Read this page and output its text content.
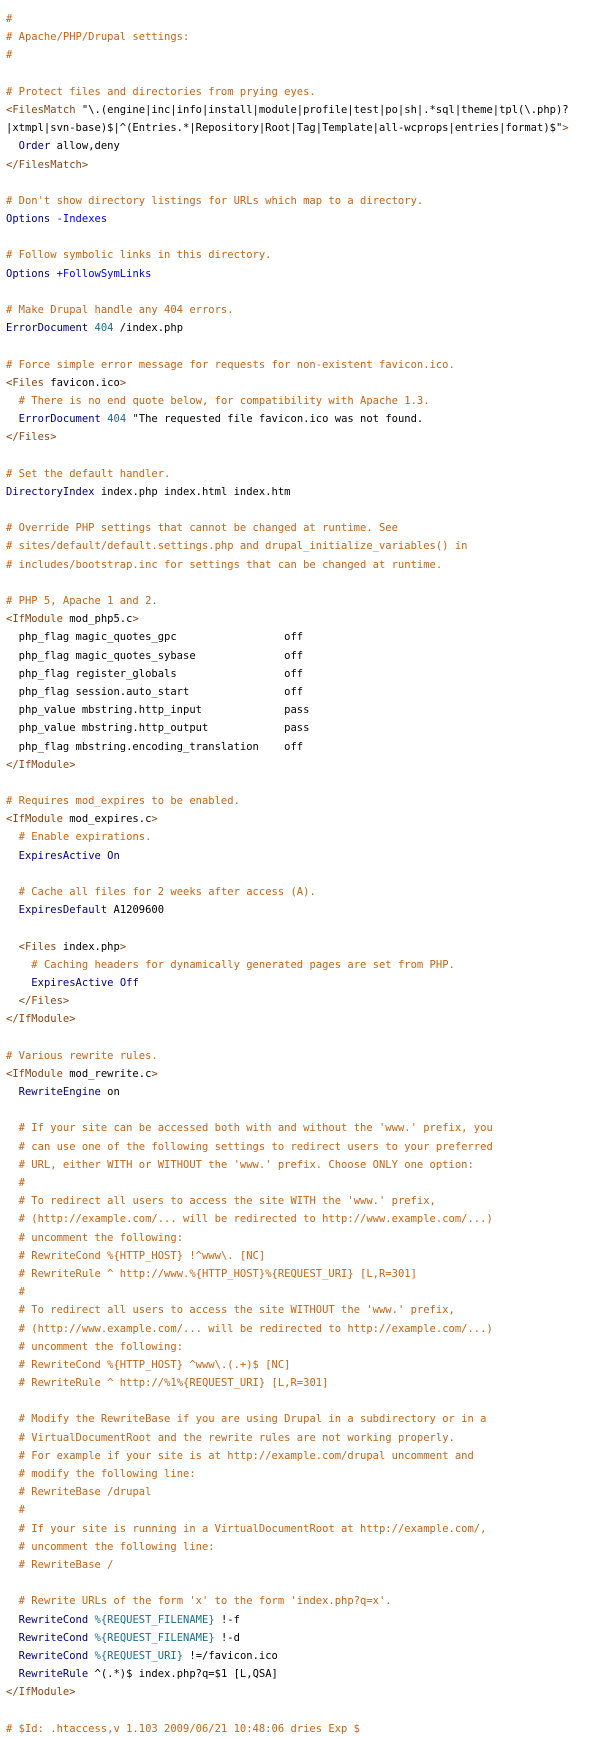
#
# Apache/PHP/Drupal settings:
#

# Protect files and directories from prying eyes.
<FilesMatch "\.(engine|inc|info|install|module|profile|test|po|sh|.*sql|theme|tpl(\.php)?
|xtmpl|svn-base)$|^(Entries.*|Repository|Root|Tag|Template|all-wcprops|entries|format)$">
Order allow,deny
</FilesMatch>

# Don't show directory listings for URLs which map to a directory.
Options -Indexes

# Follow symbolic links in this directory.
Options +FollowSymLinks

# Make Drupal handle any 404 errors.
ErrorDocument 404 /index.php

# Force simple error message for requests for non-existent favicon.ico.
<Files favicon.ico>
# There is no end quote below, for compatibility with Apache 1.3.
ErrorDocument 404 "The requested file favicon.ico was not found.
</Files>

# Set the default handler.
DirectoryIndex index.php index.html index.htm

# Override PHP settings that cannot be changed at runtime. See
# sites/default/default.settings.php and drupal_initialize_variables() in
# includes/bootstrap.inc for settings that can be changed at runtime.

# PHP 5, Apache 1 and 2.
<IfModule mod_php5.c>
php_flag magic_quotes_gpc                 off
php_flag magic_quotes_sybase              off
php_flag register_globals                 off
php_flag session.auto_start               off
php_value mbstring.http_input             pass
php_value mbstring.http_output            pass
php_flag mbstring.encoding_translation    off
</IfModule>

# Requires mod_expires to be enabled.
<IfModule mod_expires.c>
# Enable expirations.
ExpiresActive On

# Cache all files for 2 weeks after access (A).
ExpiresDefault A1209600

<Files index.php>
# Caching headers for dynamically generated pages are set from PHP.
ExpiresActive Off
</Files>
</IfModule>

# Various rewrite rules.
<IfModule mod_rewrite.c>
RewriteEngine on

# If your site can be accessed both with and without the 'www.' prefix, you
# can use one of the following settings to redirect users to your preferred
# URL, either WITH or WITHOUT the 'www.' prefix. Choose ONLY one option:
#
# To redirect all users to access the site WITH the 'www.' prefix,
# (http://example.com/... will be redirected to http://www.example.com/...)
# uncomment the following:
# RewriteCond %{HTTP_HOST} !^www\. [NC]
# RewriteRule ^ http://www.%{HTTP_HOST}%{REQUEST_URI} [L,R=301]
#
# To redirect all users to access the site WITHOUT the 'www.' prefix,
# (http://www.example.com/... will be redirected to http://example.com/...)
# uncomment the following:
# RewriteCond %{HTTP_HOST} ^www\.(.+)$ [NC]
# RewriteRule ^ http://%1%{REQUEST_URI} [L,R=301]

# Modify the RewriteBase if you are using Drupal in a subdirectory or in a
# VirtualDocumentRoot and the rewrite rules are not working properly.
# For example if your site is at http://example.com/drupal uncomment and
# modify the following line:
# RewriteBase /drupal
#
# If your site is running in a VirtualDocumentRoot at http://example.com/,
# uncomment the following line:
# RewriteBase /

# Rewrite URLs of the form 'x' to the form 'index.php?q=x'.
RewriteCond %{REQUEST_FILENAME} !-f
RewriteCond %{REQUEST_FILENAME} !-d
RewriteCond %{REQUEST_URI} !=/favicon.ico
RewriteRule ^(.*)$ index.php?q=$1 [L,QSA]
</IfModule>

# $Id: .htaccess,v 1.103 2009/06/21 10:48:06 dries Exp $
